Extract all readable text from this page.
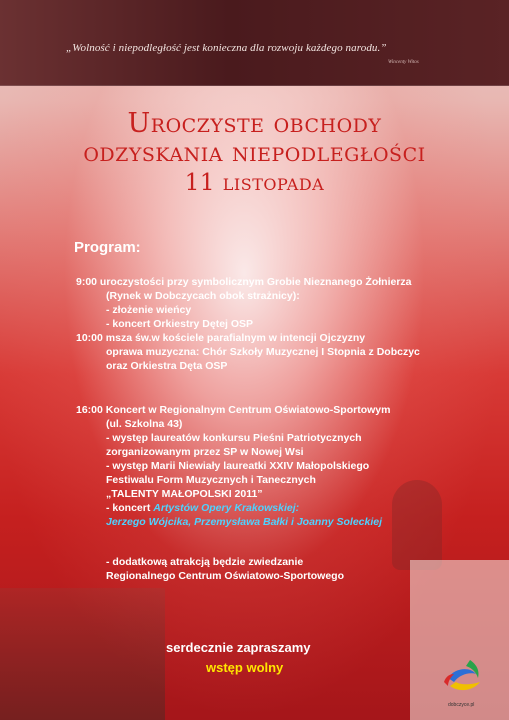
„Wolność i niepodległość jest konieczna dla rozwoju każdego narodu.”
Wincenty Witos
Uroczyste obchody
odzyskania niepodległości
11 listopada
Program:
9:00 uroczystości przy symbolicznym Grobie Nieznanego Żołnierza
(Rynek w Dobczycach obok strażnicy):
- złożenie wieńcy
- koncert Orkiestry Dętej OSP
10:00 msza św.w kościele parafialnym w intencji Ojczyzny
oprawa muzyczna: Chór Szkoły Muzycznej I Stopnia z Dobczyc
oraz Orkiestra Dęta OSP
16:00 Koncert w Regionalnym Centrum Oświatowo-Sportowym
(ul. Szkolna 43)
- występ laureatów konkursu Pieśni Patriotycznych
zorganizowanym przez SP w Nowej Wsi
- występ Marii Niewiały laureatki XXIV Małopolskiego
Festiwalu Form Muzycznych i Tanecznych
„TALENTY MAŁOPOLSKI 2011”
- koncert Artystów Opery Krakowskiej:
Jerzego Wójcika, Przemysława Bałki i Joanny Soleckiej
- dodatkową atrakcją będzie zwiedzanie
Regionalnego Centrum Oświatowo-Sportowego
serdecznie zapraszamy
wstęp wolny
dobczyce.pl
